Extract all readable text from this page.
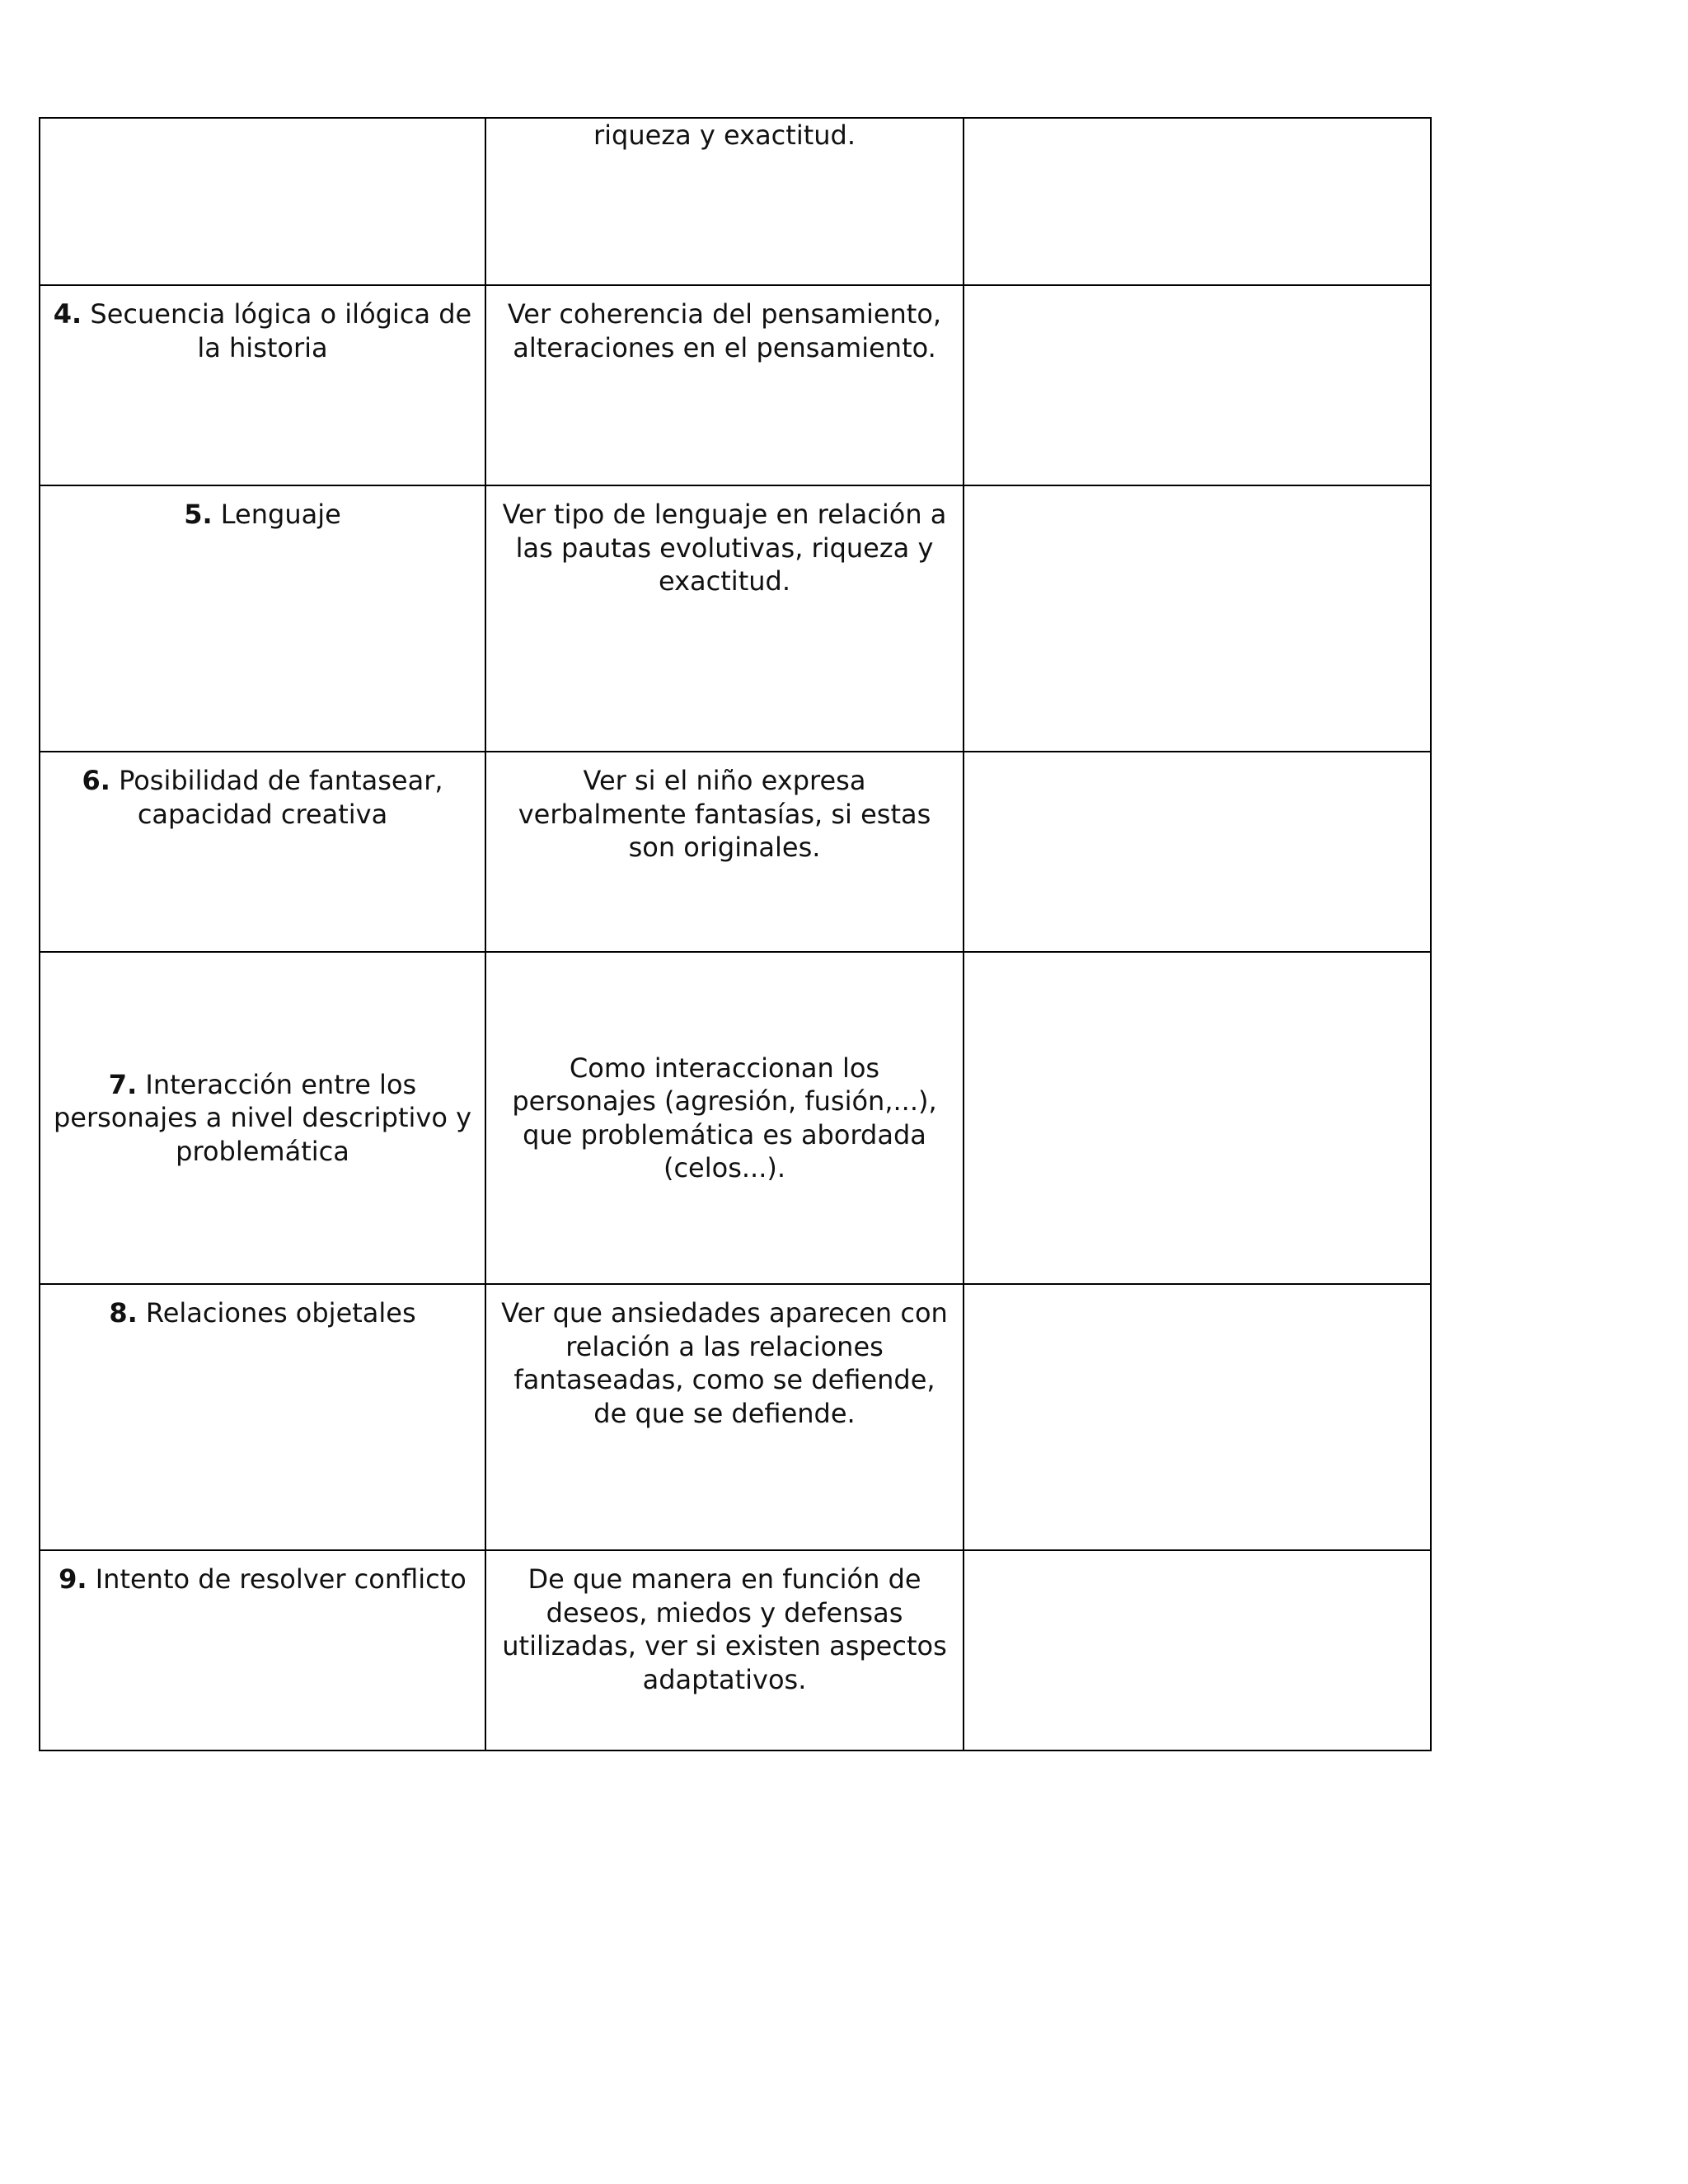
	riqueza y exactitud.	
4. Secuencia lógica o ilógica de la historia	Ver coherencia del pensamiento, alteraciones en el pensamiento.	
5. Lenguaje	Ver tipo de lenguaje en relación a las pautas evolutivas, riqueza y exactitud.	
6. Posibilidad de fantasear, capacidad creativa	Ver si el niño expresa verbalmente fantasías, si estas son originales.	
7. Interacción entre los personajes a nivel descriptivo y problemática	Como interaccionan los personajes (agresión, fusión,...), que problemática es abordada (celos...).	
8. Relaciones objetales	Ver que ansiedades aparecen con relación a las relaciones fantaseadas, como se defiende, de que se defiende.	
9. Intento de resolver conflicto	De que manera en función de deseos, miedos y defensas utilizadas, ver si existen aspectos adaptativos.	
